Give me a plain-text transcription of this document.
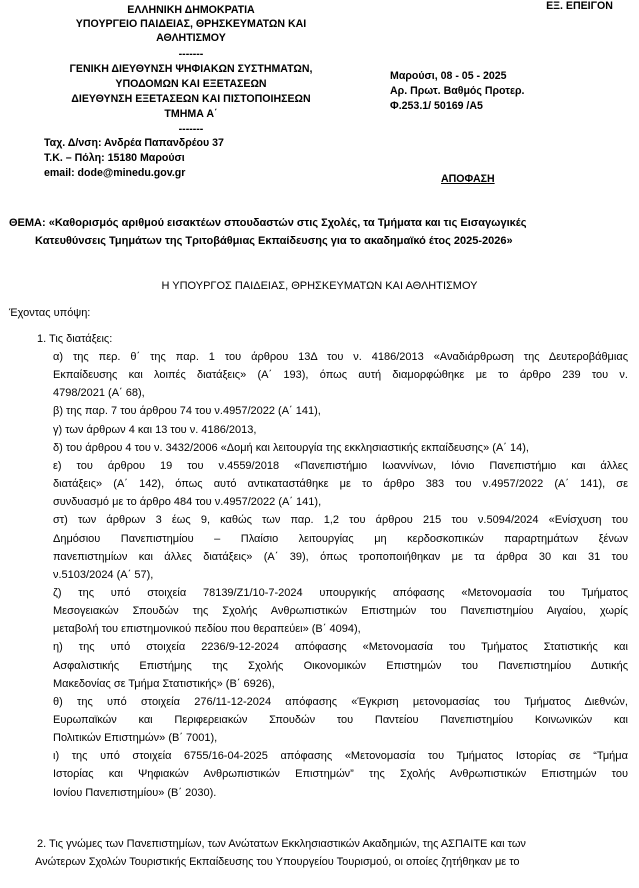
ΕΞ. ΕΠΕΙΓΟΝ
ΕΛΛΗΝΙΚΗ ΔΗΜΟΚΡΑΤΙΑ
ΥΠΟΥΡΓΕΙΟ ΠΑΙΔΕΙΑΣ, ΘΡΗΣΚΕΥΜΑΤΩΝ ΚΑΙ
ΑΘΛΗΤΙΣΜΟΥ
-------
ΓΕΝΙΚΗ ΔΙΕΥΘΥΝΣΗ ΨΗΦΙΑΚΩΝ ΣΥΣΤΗΜΑΤΩΝ,
ΥΠΟΔΟΜΩΝ ΚΑΙ ΕΞΕΤΑΣΕΩΝ
ΔΙΕΥΘΥΝΣΗ ΕΞΕΤΑΣΕΩΝ ΚΑΙ ΠΙΣΤΟΠΟΙΗΣΕΩΝ
ΤΜΗΜΑ Α΄
-------
Ταχ. Δ/νση: Ανδρέα Παπανδρέου 37
Τ.Κ. – Πόλη: 15180 Μαρούσι
email: dode@minedu.gov.gr
Μαρούσι, 08 - 05 - 2025
Αρ. Πρωτ. Βαθμός Προτερ.
Φ.253.1/ 50169 /Α5
ΑΠΟΦΑΣΗ
ΘΕΜΑ: «Καθορισμός αριθμού εισακτέων σπουδαστών στις Σχολές, τα Τμήματα και τις Εισαγωγικές
Κατευθύνσεις Τμημάτων της Τριτοβάθμιας Εκπαίδευσης για το ακαδημαϊκό έτος 2025-2026»
Η ΥΠΟΥΡΓΟΣ ΠΑΙΔΕΙΑΣ, ΘΡΗΣΚΕΥΜΑΤΩΝ ΚΑΙ ΑΘΛΗΤΙΣΜΟΥ
Έχοντας υπόψη:
1. Τις διατάξεις:
α) της περ. θ΄ της παρ. 1 του άρθρου 13Δ του ν. 4186/2013 «Αναδιάρθρωση της Δευτεροβάθμιας
Εκπαίδευσης και λοιπές διατάξεις» (Α΄ 193), όπως αυτή διαμορφώθηκε με το άρθρο 239 του ν.
4798/2021 (Α΄ 68),
β) της παρ. 7 του άρθρου 74 του ν.4957/2022 (Α΄ 141),
γ) των άρθρων 4 και 13 του ν. 4186/2013,
δ) του άρθρου 4 του ν. 3432/2006 «Δομή και λειτουργία της εκκλησιαστικής εκπαίδευσης» (Α΄ 14),
ε) του άρθρου 19 του ν.4559/2018 «Πανεπιστήμιο Ιωαννίνων, Ιόνιο Πανεπιστήμιο και άλλες
διατάξεις» (Α΄ 142), όπως αυτό αντικαταστάθηκε με το άρθρο 383 του ν.4957/2022 (Α΄ 141), σε
συνδυασμό με το άρθρο 484 του ν.4957/2022 (Α΄ 141),
στ) των άρθρων 3 έως 9, καθώς των παρ. 1,2 του άρθρου 215 του ν.5094/2024 «Ενίσχυση του
Δημόσιου Πανεπιστημίου – Πλαίσιο λειτουργίας μη κερδοσκοπικών παραρτημάτων ξένων
πανεπιστημίων και άλλες διατάξεις» (Α΄ 39), όπως τροποποιήθηκαν με τα άρθρα 30 και 31 του
ν.5103/2024 (Α΄ 57),
ζ) της υπό στοιχεία 78139/Ζ1/10-7-2024 υπουργικής απόφασης «Μετονομασία του Τμήματος
Μεσογειακών Σπουδών της Σχολής Ανθρωπιστικών Επιστημών του Πανεπιστημίου Αιγαίου, χωρίς
μεταβολή του επιστημονικού πεδίου που θεραπεύει» (Β΄ 4094),
η) της υπό στοιχεία 2236/9-12-2024 απόφασης «Μετονομασία του Τμήματος Στατιστικής και
Ασφαλιστικής Επιστήμης της Σχολής Οικονομικών Επιστημών του Πανεπιστημίου Δυτικής
Μακεδονίας σε Τμήμα Στατιστικής» (Β΄ 6926),
θ) της υπό στοιχεία 276/11-12-2024 απόφασης «Έγκριση μετονομασίας του Τμήματος Διεθνών,
Ευρωπαϊκών και Περιφερειακών Σπουδών του Παντείου Πανεπιστημίου Κοινωνικών και
Πολιτικών Επιστημών» (Β΄ 7001),
ι) της υπό στοιχεία 6755/16-04-2025 απόφασης «Μετονομασία του Τμήματος Ιστορίας σε “Τμήμα
Ιστορίας και Ψηφιακών Ανθρωπιστικών Επιστημών” της Σχολής Ανθρωπιστικών Επιστημών του
Ιονίου Πανεπιστημίου» (Β΄ 2030).
2. Τις γνώμες των Πανεπιστημίων, των Ανώτατων Εκκλησιαστικών Ακαδημιών, της ΑΣΠΑΙΤΕ και των
Ανώτερων Σχολών Τουριστικής Εκπαίδευσης του Υπουργείου Τουρισμού, οι οποίες ζητήθηκαν με το
